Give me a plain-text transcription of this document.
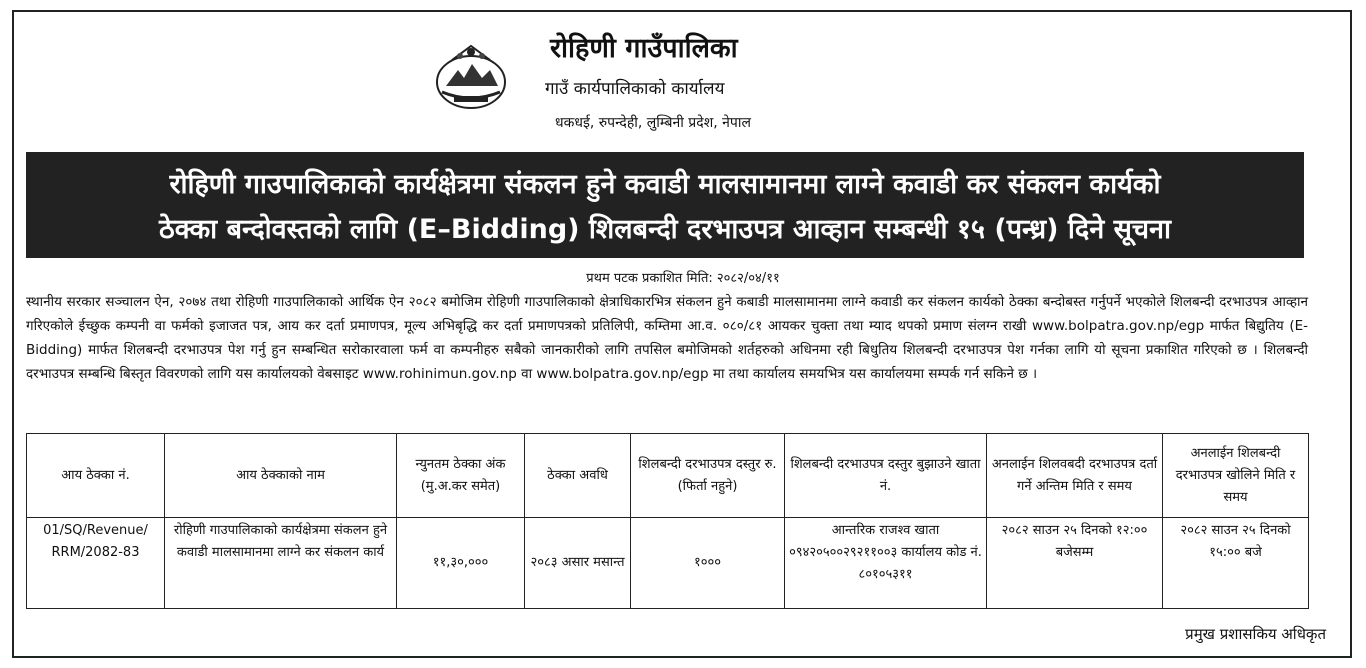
रोहिणी गाउँपालिका
गाउँ कार्यपालिकाको कार्यालय
धकधई, रुपन्देही, लुम्बिनी प्रदेश, नेपाल
रोहिणी गाउपालिकाको कार्यक्षेत्रमा संकलन हुने कवाडी मालसामानमा लाग्ने कवाडी कर संकलन कार्यको
ठेक्का बन्दोवस्तको लागि (E–Bidding) शिलबन्दी दरभाउपत्र आव्हान सम्बन्धी १५ (पन्ध्र) दिने सूचना
प्रथम पटक प्रकाशित मिति: २०८२/०४/११
स्थानीय सरकार सञ्चालन ऐन, २०७४ तथा रोहिणी गाउपालिकाको आर्थिक ऐन २०८२ बमोजिम रोहिणी गाउपालिकाको क्षेत्राधिकारभित्र संकलन हुने कबाडी मालसामानमा लाग्ने कवाडी कर संकलन कार्यको ठेक्का बन्दोबस्त गर्नुपर्ने भएकोले शिलबन्दी दरभाउपत्र आव्हान गरिएकोले ईच्छुक कम्पनी वा फर्मको इजाजत पत्र, आय कर दर्ता प्रमाणपत्र, मूल्य अभिबृद्धि कर दर्ता प्रमाणपत्रको प्रतिलिपी, कम्तिमा आ.व. ०८०/८१ आयकर चुक्ता तथा म्याद थपको प्रमाण संलग्न राखी www.bolpatra.gov.np/egp मार्फत बिद्युतिय (E-Bidding) मार्फत शिलबन्दी दरभाउपत्र पेश गर्नु हुन सम्बन्धित सरोकारवाला फर्म वा कम्पनीहरु सबैको जानकारीको लागि तपसिल बमोजिमको शर्तहरुको अधिनमा रही बिधुतिय शिलबन्दी दरभाउपत्र पेश गर्नका लागि यो सूचना प्रकाशित गरिएको छ । शिलबन्दी दरभाउपत्र सम्बन्धि बिस्तृत विवरणको लागि यस कार्यालयको वेबसाइट www.rohinimun.gov.np वा www.bolpatra.gov.np/egp मा तथा कार्यालय समयभित्र यस कार्यालयमा सम्पर्क गर्न सकिने छ ।
आय ठेक्का नं.	आय ठेक्काको नाम	न्युनतम ठेक्का अंक (मु.अ.कर समेत)	ठेक्का अवधि	शिलबन्दी दरभाउपत्र दस्तुर रु. (फिर्ता नहुने)	शिलबन्दी दरभाउपत्र दस्तुर बुझाउने खाता नं.	अनलाईन शिलवबदी दरभाउपत्र दर्ता गर्ने अन्तिम मिति र समय	अनलाईन शिलबन्दी दरभाउपत्र खोलिने मिति र समय
01/SQ/Revenue/ RRM/2082-83	रोहिणी गाउपालिकाको कार्यक्षेत्रमा संकलन हुने कवाडी मालसामानमा लाग्ने कर संकलन कार्य	११,३०,०००	२०८३ असार मसान्त	१०००	आन्तरिक राजश्व खाता ०९४२०५००२९२११००३ कार्यालय कोड नं. ८०१०५३११	२०८२ साउन २५ दिनको १२:०० बजेसम्म	२०८२ साउन २५ दिनको १५:०० बजे
प्रमुख प्रशासकिय अधिकृत
